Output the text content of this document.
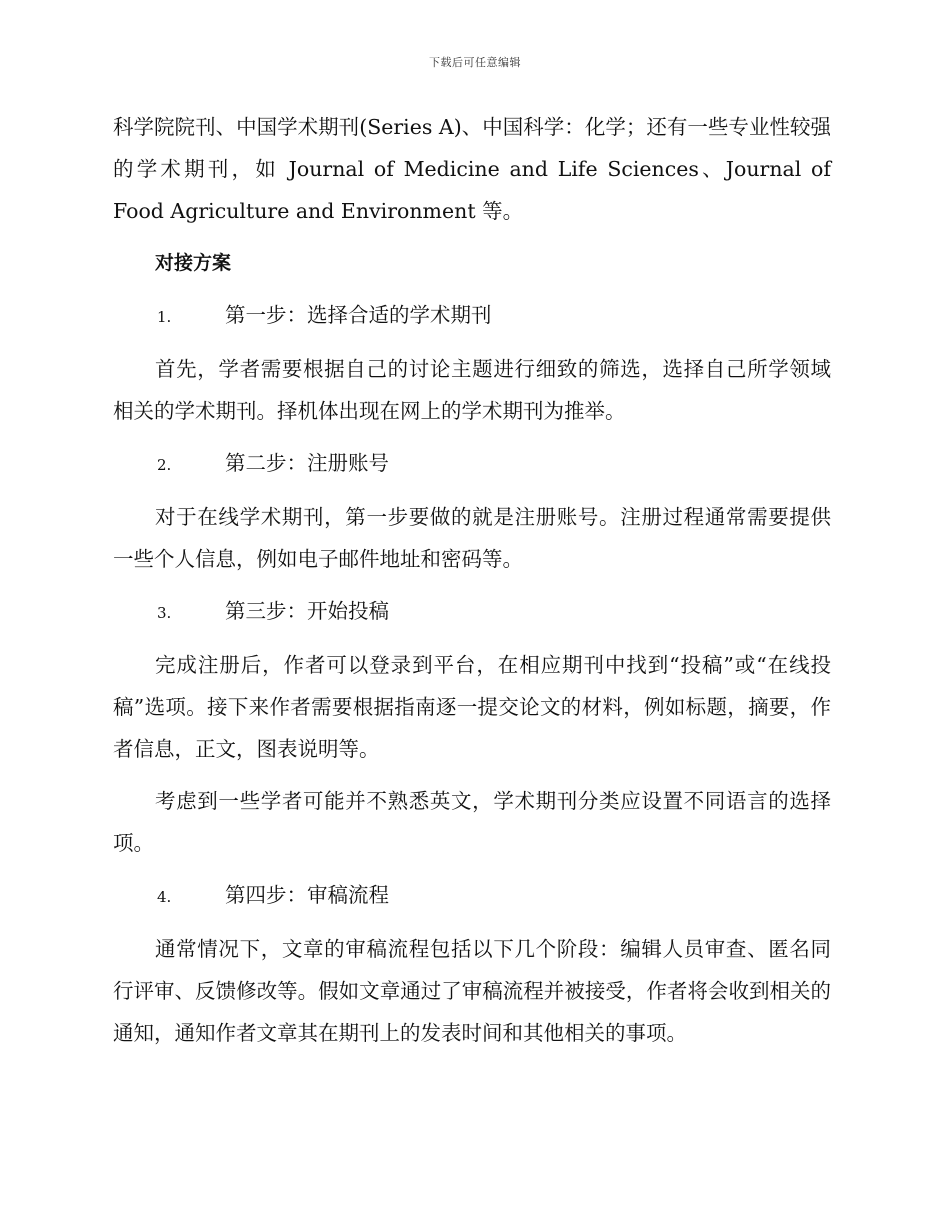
下载后可任意编辑

科学院院刊、中国学术期刊(Series A)、中国科学：化学；还有一些专业性较强的学术期刊，如 Journal of Medicine and Life Sciences、Journal of Food Agriculture and Environment 等。

对接方案

1.	第一步：选择合适的学术期刊

首先，学者需要根据自己的讨论主题进行细致的筛选，选择自己所学领域相关的学术期刊。择机体出现在网上的学术期刊为推举。

2.	第二步：注册账号

对于在线学术期刊，第一步要做的就是注册账号。注册过程通常需要提供一些个人信息，例如电子邮件地址和密码等。

3.	第三步：开始投稿

完成注册后，作者可以登录到平台，在相应期刊中找到“投稿”或“在线投稿”选项。接下来作者需要根据指南逐一提交论文的材料，例如标题，摘要，作者信息，正文，图表说明等。

考虑到一些学者可能并不熟悉英文，学术期刊分类应设置不同语言的选择项。

4.	第四步：审稿流程

通常情况下，文章的审稿流程包括以下几个阶段：编辑人员审查、匿名同行评审、反馈修改等。假如文章通过了审稿流程并被接受，作者将会收到相关的通知，通知作者文章其在期刊上的发表时间和其他相关的事项。
